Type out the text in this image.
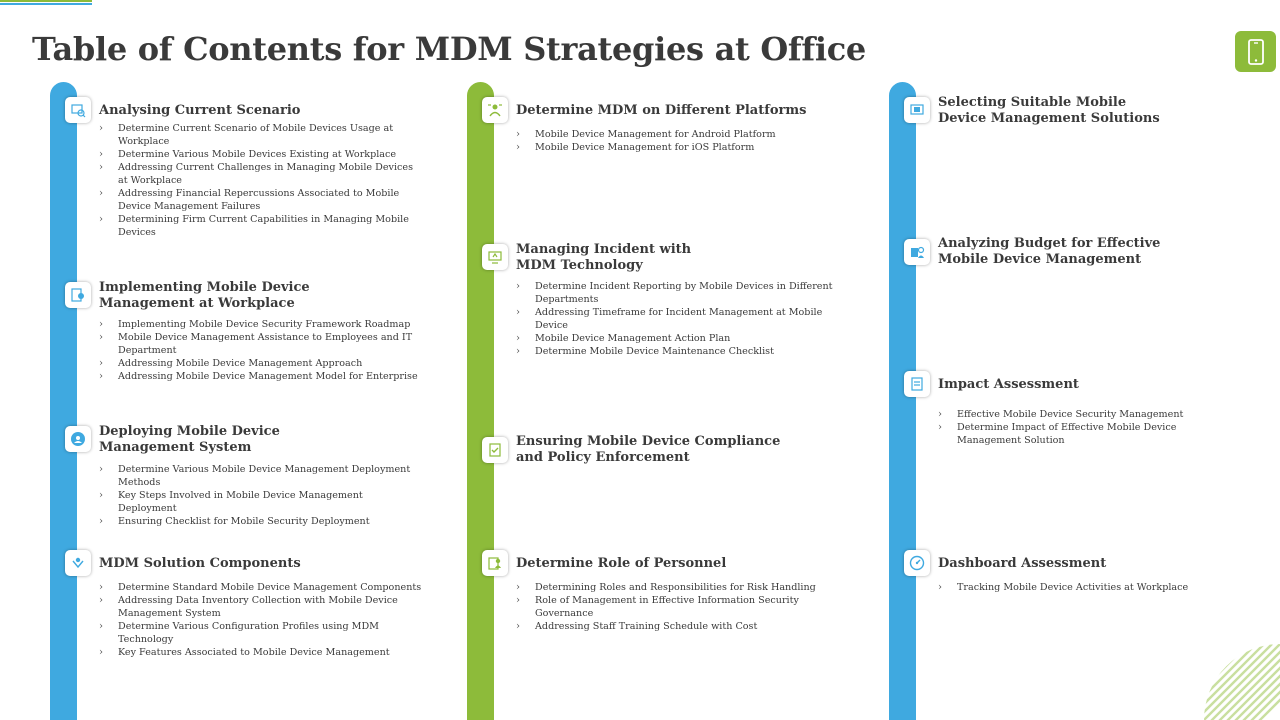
Table of Contents for MDM Strategies at Office
Analysing Current Scenario
› Determine Current Scenario of Mobile Devices Usage at Workplace
› Determine Various Mobile Devices Existing at Workplace
› Addressing Current Challenges in Managing Mobile Devices at Workplace
› Addressing Financial Repercussions Associated to Mobile Device Management Failures
› Determining Firm Current Capabilities in Managing Mobile Devices
Implementing Mobile Device Management at Workplace
› Implementing Mobile Device Security Framework Roadmap
› Mobile Device Management Assistance to Employees and IT Department
› Addressing Mobile Device Management Approach
› Addressing Mobile Device Management Model for Enterprise
Deploying Mobile Device Management System
› Determine Various Mobile Device Management Deployment Methods
› Key Steps Involved in Mobile Device Management Deployment
› Ensuring Checklist for Mobile Security Deployment
MDM Solution Components
› Determine Standard Mobile Device Management Components
› Addressing Data Inventory Collection with Mobile Device Management System
› Determine Various Configuration Profiles using MDM Technology
› Key Features Associated to Mobile Device Management
Determine MDM on Different Platforms
› Mobile Device Management for Android Platform
› Mobile Device Management for iOS Platform
Managing Incident with MDM Technology
› Determine Incident Reporting by Mobile Devices in Different Departments
› Addressing Timeframe for Incident Management at Mobile Device
› Mobile Device Management Action Plan
› Determine Mobile Device Maintenance Checklist
Ensuring Mobile Device Compliance and Policy Enforcement
Determine Role of Personnel
› Determining Roles and Responsibilities for Risk Handling
› Role of Management in Effective Information Security Governance
› Addressing Staff Training Schedule with Cost
Selecting Suitable Mobile Device Management Solutions
Analyzing Budget for Effective Mobile Device Management
Impact Assessment
› Effective Mobile Device Security Management
› Determine Impact of Effective Mobile Device Management Solution
Dashboard Assessment
› Tracking Mobile Device Activities at Workplace
